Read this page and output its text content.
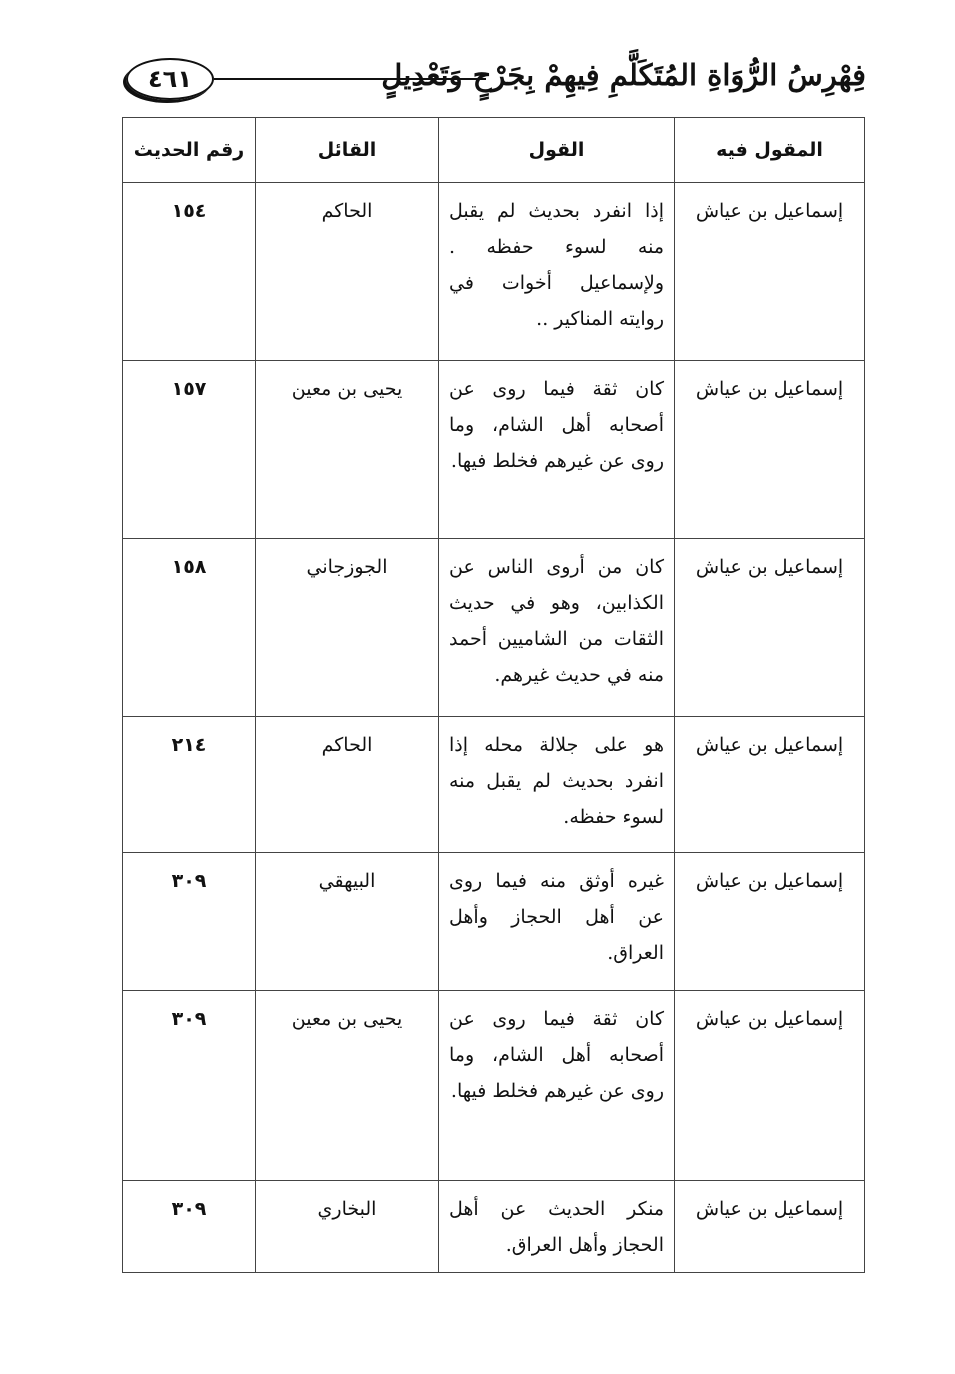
فِهْرِسُ الرُّوَاةِ المُتَكَلَّمِ فِيهِمْ بِجَرْحٍ وَتَعْدِيلٍ
٤٦١
المقول فيه	القول	القائل	رقم الحديث
إسماعيل بن عياش	إذا انفرد بحديث لم يقبل منه لسوء حفظه . ولإسماعيل أخوات في روايته المناكير ..	الحاكم	١٥٤
إسماعيل بن عياش	كان ثقة فيما روى عن أصحابه أهل الشام، وما روى عن غيرهم فخلط فيها.	يحيى بن معين	١٥٧
إسماعيل بن عياش	كان من أروى الناس عن الكذابين، وهو في حديث الثقات من الشاميين أحمد منه في حديث غيرهم.	الجوزجاني	١٥٨
إسماعيل بن عياش	هو على جلالة محله إذا انفرد بحديث لم يقبل منه لسوء حفظه.	الحاكم	٢١٤
إسماعيل بن عياش	غيره أوثق منه فيما روى عن أهل الحجاز وأهل العراق.	البيهقي	٣٠٩
إسماعيل بن عياش	كان ثقة فيما روى عن أصحابه أهل الشام، وما روى عن غيرهم فخلط فيها.	يحيى بن معين	٣٠٩
إسماعيل بن عياش	منكر الحديث عن أهل الحجاز وأهل العراق.	البخاري	٣٠٩
